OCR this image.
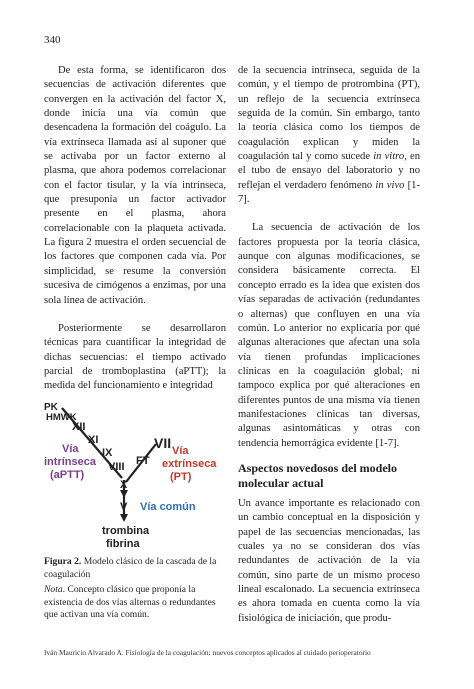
340

De esta forma, se identificaron dos secuencias de activación diferentes que convergen en la activación del factor X, donde inicia una vía común que desencadena la formación del coágulo. La vía extrínseca llamada así al suponer que se activaba por un factor externo al plasma, que ahora podemos correlacionar con el factor tisular, y la vía intrínseca, que presuponía un factor activador presente en el plasma, ahora correlacionable con la plaqueta activada. La figura 2 muestra el orden secuencial de los factores que componen cada vía. Por simplicidad, se resume la conversión sucesiva de cimógenos a enzimas, por una sola línea de activación.

Posteriormente se desarrollaron técnicas para cuantificar la integridad de dichas secuencias: el tiempo activado parcial de tromboplastina (aPTT); la medida del funcionamiento e integridad

PK
HMWK
XII
XI
IX
VIII
VII
FT
X
V
Vía
intrínseca
(aPTT)
Vía
extrínseca
(PT)
Vía común
trombina
fibrina
Figura 2. Modelo clásico de la cascada de la coagulación
Nota. Concepto clásico que proponía la existencia de dos vías alternas o redundantes que activan una vía común.

de la secuencia intrínseca, seguida de la común, y el tiempo de protrombina (PT), un reflejo de la secuencia extrínseca seguida de la común. Sin embargo, tanto la teoría clásica como los tiempos de coagulación explican y miden la coagulación tal y como sucede in vitro, en el tubo de ensayo del laboratorio y no reflejan el verdadero fenómeno in vivo [1-7].

La secuencia de activación de los factores propuesta por la teoría clásica, aunque con algunas modificaciones, se considera básicamente correcta. El concepto errado es la idea que existen dos vías separadas de activación (redundantes o alternas) que confluyen en una vía común. Lo anterior no explicaría por qué algunas alteraciones que afectan una sola vía tienen profundas implicaciones clínicas en la coagulación global; ni tampoco explica por qué alteraciones en diferentes puntos de una misma vía tienen manifestaciones clínicas tan diversas, algunas asintomáticas y otras con tendencia hemorrágica evidente [1-7].

Aspectos novedosos del modelo molecular actual

Un avance importante es relacionado con un cambio conceptual en la disposición y papel de las secuencias mencionadas, las cuales ya no se consideran dos vías redundantes de activación de la vía común, sino parte de un mismo proceso lineal escalonado. La secuencia extrínseca es ahora tomada en cuenta como la vía fisiológica de iniciación, que produ-

Iván Mauricio Alvarado A. Fisiología de la coagulación: nuevos conceptos aplicados al cuidado perioperatorio
